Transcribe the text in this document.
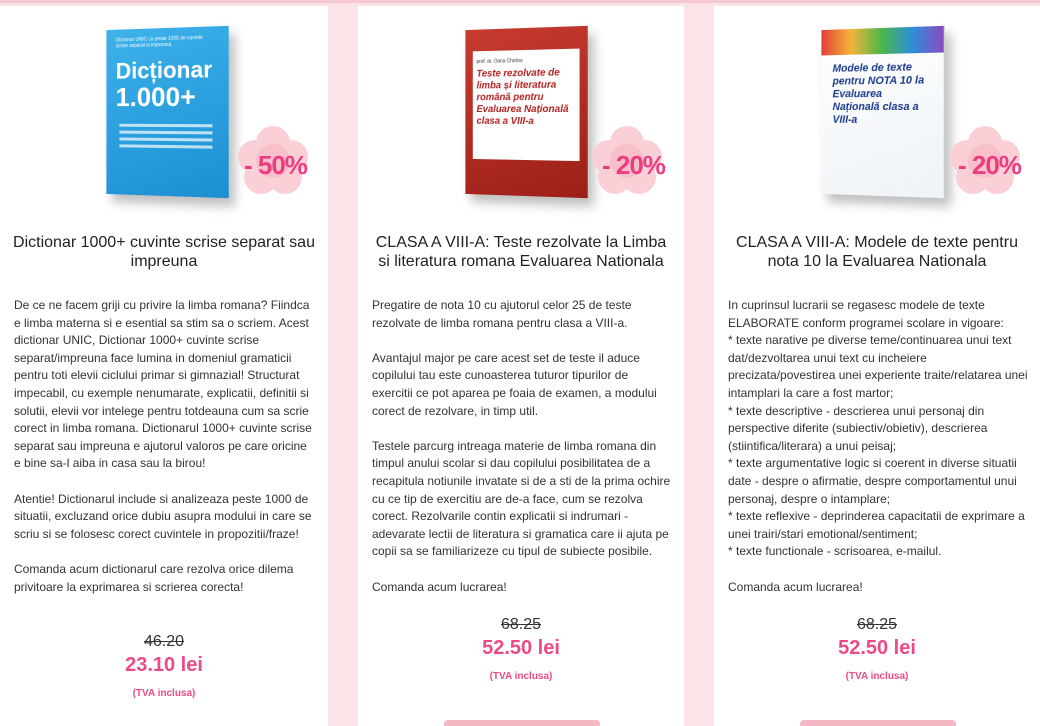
Dictionar UNIC cu peste 1000 de cuvinte scrise separat si impreuna
Dicționar
1.000+
- 50%
Dictionar 1000+ cuvinte scrise separat sau impreuna
De ce ne facem griji cu privire la limba romana? Fiindca e limba materna si e esential sa stim sa o scriem. Acest dictionar UNIC, Dictionar 1000+ cuvinte scrise separat/impreuna face lumina in domeniul gramaticii pentru toti elevii ciclului primar si gimnazial! Structurat impecabil, cu exemple nenumarate, explicatii, definitii si solutii, elevii vor intelege pentru totdeauna cum sa scrie corect in limba romana. Dictionarul 1000+ cuvinte scrise separat sau impreuna e ajutorul valoros pe care oricine e bine sa-l aiba in casa sau la birou!

Atentie! Dictionarul include si analizeaza peste 1000 de situatii, excluzand orice dubiu asupra modului in care se scriu si se folosesc corect cuvintele in propozitii/fraze!

Comanda acum dictionarul care rezolva orice dilema privitoare la exprimarea si scrierea corecta!
46.20
23.10 lei
(TVA inclusa)
prof. dr. Oana Chirilov
Teste rezolvate de limba și literatura română pentru Evaluarea Națională clasa a VIII-a
- 20%
CLASA A VIII-A: Teste rezolvate la Limba si literatura romana Evaluarea Nationala
Pregatire de nota 10 cu ajutorul celor 25 de teste rezolvate de limba romana pentru clasa a VIII-a.

Avantajul major pe care acest set de teste il aduce copilului tau este cunoasterea tuturor tipurilor de exercitii ce pot aparea pe foaia de examen, a modului corect de rezolvare, in timp util.

Testele parcurg intreaga materie de limba romana din timpul anului scolar si dau copilului posibilitatea de a recapitula notiunile invatate si de a sti de la prima ochire cu ce tip de exercitiu are de-a face, cum se rezolva corect. Rezolvarile contin explicatii si indrumari - adevarate lectii de literatura si gramatica care ii ajuta pe copii sa se familiarizeze cu tipul de subiecte posibile.

Comanda acum lucrarea!
68.25
52.50 lei
(TVA inclusa)
Modele de texte pentru NOTA 10 la Evaluarea Națională clasa a VIII-a
- 20%
CLASA A VIII-A: Modele de texte pentru nota 10 la Evaluarea Nationala
In cuprinsul lucrarii se regasesc modele de texte ELABORATE conform programei scolare in vigoare:
* texte narative pe diverse teme/continuarea unui text dat/dezvoltarea unui text cu incheiere precizata/povestirea unei experiente traite/relatarea unei intamplari la care a fost martor;
* texte descriptive - descrierea unui personaj din perspective diferite (subiectiv/obietiv), descrierea (stiintifica/literara) a unui peisaj;
* texte argumentative logic si coerent in diverse situatii date - despre o afirmatie, despre comportamentul unui personaj, despre o intamplare;
* texte reflexive - deprinderea capacitatii de exprimare a unei trairi/stari emotional/sentiment;
* texte functionale - scrisoarea, e-mailul.

Comanda acum lucrarea!
68.25
52.50 lei
(TVA inclusa)
